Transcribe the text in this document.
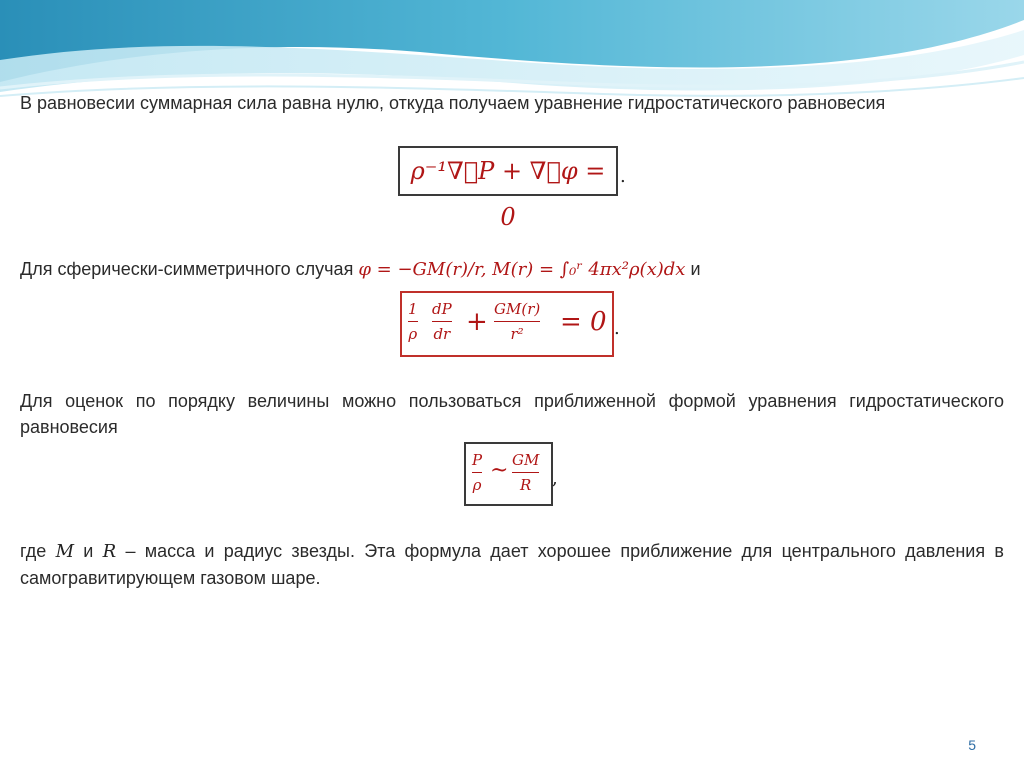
В равновесии суммарная сила равна нулю, откуда получаем уравнение гидростатического равновесия
ρ⁻¹∇⃗P + ∇⃗φ = 0
.
Для сферически-симметричного случая φ = −GM(r)/r, M(r) = ∫₀ʳ 4πx²ρ(x)dx и
1
ρ
dP
dr + GM(r)
r² = 0 .
Для оценок по порядку величины можно пользоваться приближенной формой уравнения гидростатического равновесия
P
ρ
~ GM
R ,
где M и R – масса и радиус звезды. Эта формула дает хорошее приближение для центрального давления в самогравитирующем газовом шаре.
5
